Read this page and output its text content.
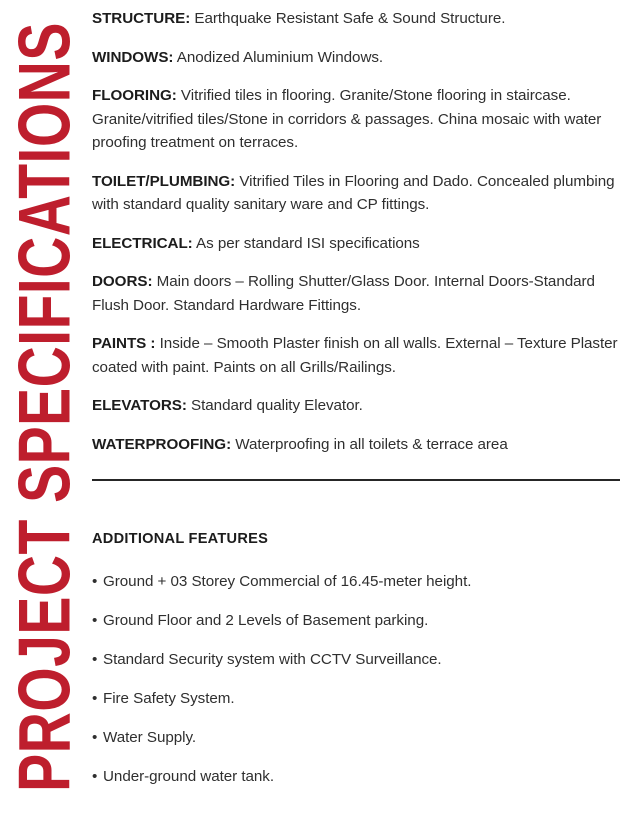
PROJECT SPECIFICATIONS
STRUCTURE: Earthquake Resistant Safe & Sound Structure.
WINDOWS: Anodized Aluminium Windows.
FLOORING: Vitrified tiles in flooring. Granite/Stone flooring in staircase. Granite/vitrified tiles/Stone in corridors & passages. China mosaic with water proofing treatment on terraces.
TOILET/PLUMBING: Vitrified Tiles in Flooring and Dado. Concealed plumbing with standard quality sanitary ware and CP fittings.
ELECTRICAL: As per standard ISI specifications
DOORS: Main doors – Rolling Shutter/Glass Door. Internal Doors-Standard Flush Door. Standard Hardware Fittings.
PAINTS : Inside – Smooth Plaster finish on all walls. External – Texture Plaster coated with paint. Paints on all Grills/Railings.
ELEVATORS: Standard quality Elevator.
WATERPROOFING: Waterproofing in all toilets & terrace area
ADDITIONAL FEATURES
• Ground + 03 Storey Commercial of 16.45-meter height.
• Ground Floor and 2 Levels of Basement parking.
• Standard Security system with CCTV Surveillance.
• Fire Safety System.
• Water Supply.
• Under-ground water tank.
